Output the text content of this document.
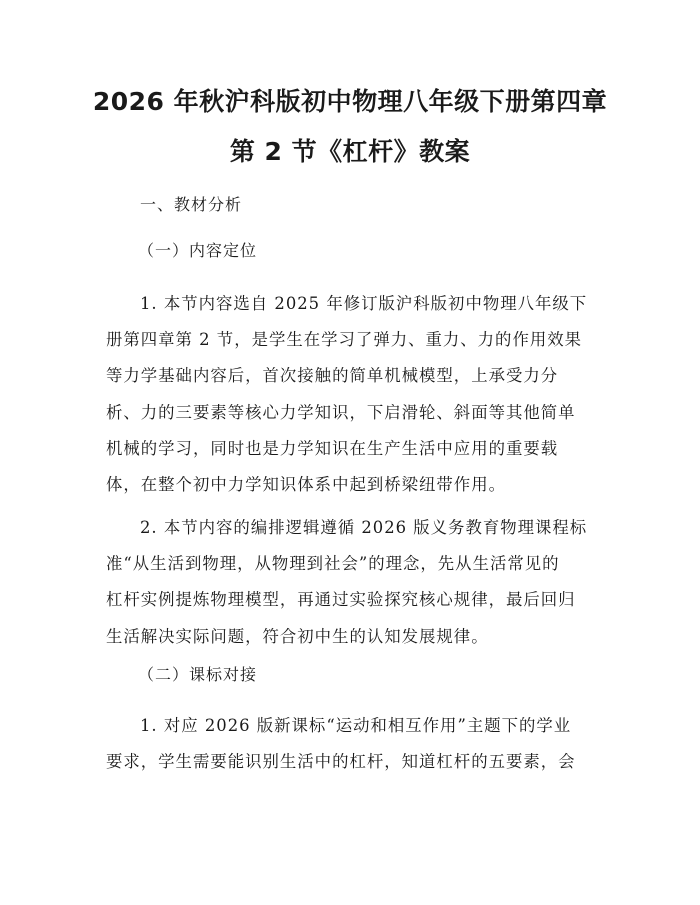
2026 年秋沪科版初中物理八年级下册第四章
第 2 节《杠杆》教案
一、教材分析
（一）内容定位
1. 本节内容选自 2025 年修订版沪科版初中物理八年级下
册第四章第 2 节，是学生在学习了弹力、重力、力的作用效果
等力学基础内容后，首次接触的简单机械模型，上承受力分
析、力的三要素等核心力学知识，下启滑轮、斜面等其他简单
机械的学习，同时也是力学知识在生产生活中应用的重要载
体，在整个初中力学知识体系中起到桥梁纽带作用。
2. 本节内容的编排逻辑遵循 2026 版义务教育物理课程标
准“从生活到物理，从物理到社会”的理念，先从生活常见的
杠杆实例提炼物理模型，再通过实验探究核心规律，最后回归
生活解决实际问题，符合初中生的认知发展规律。
（二）课标对接
1. 对应 2026 版新课标“运动和相互作用”主题下的学业
要求，学生需要能识别生活中的杠杆，知道杠杆的五要素，会
